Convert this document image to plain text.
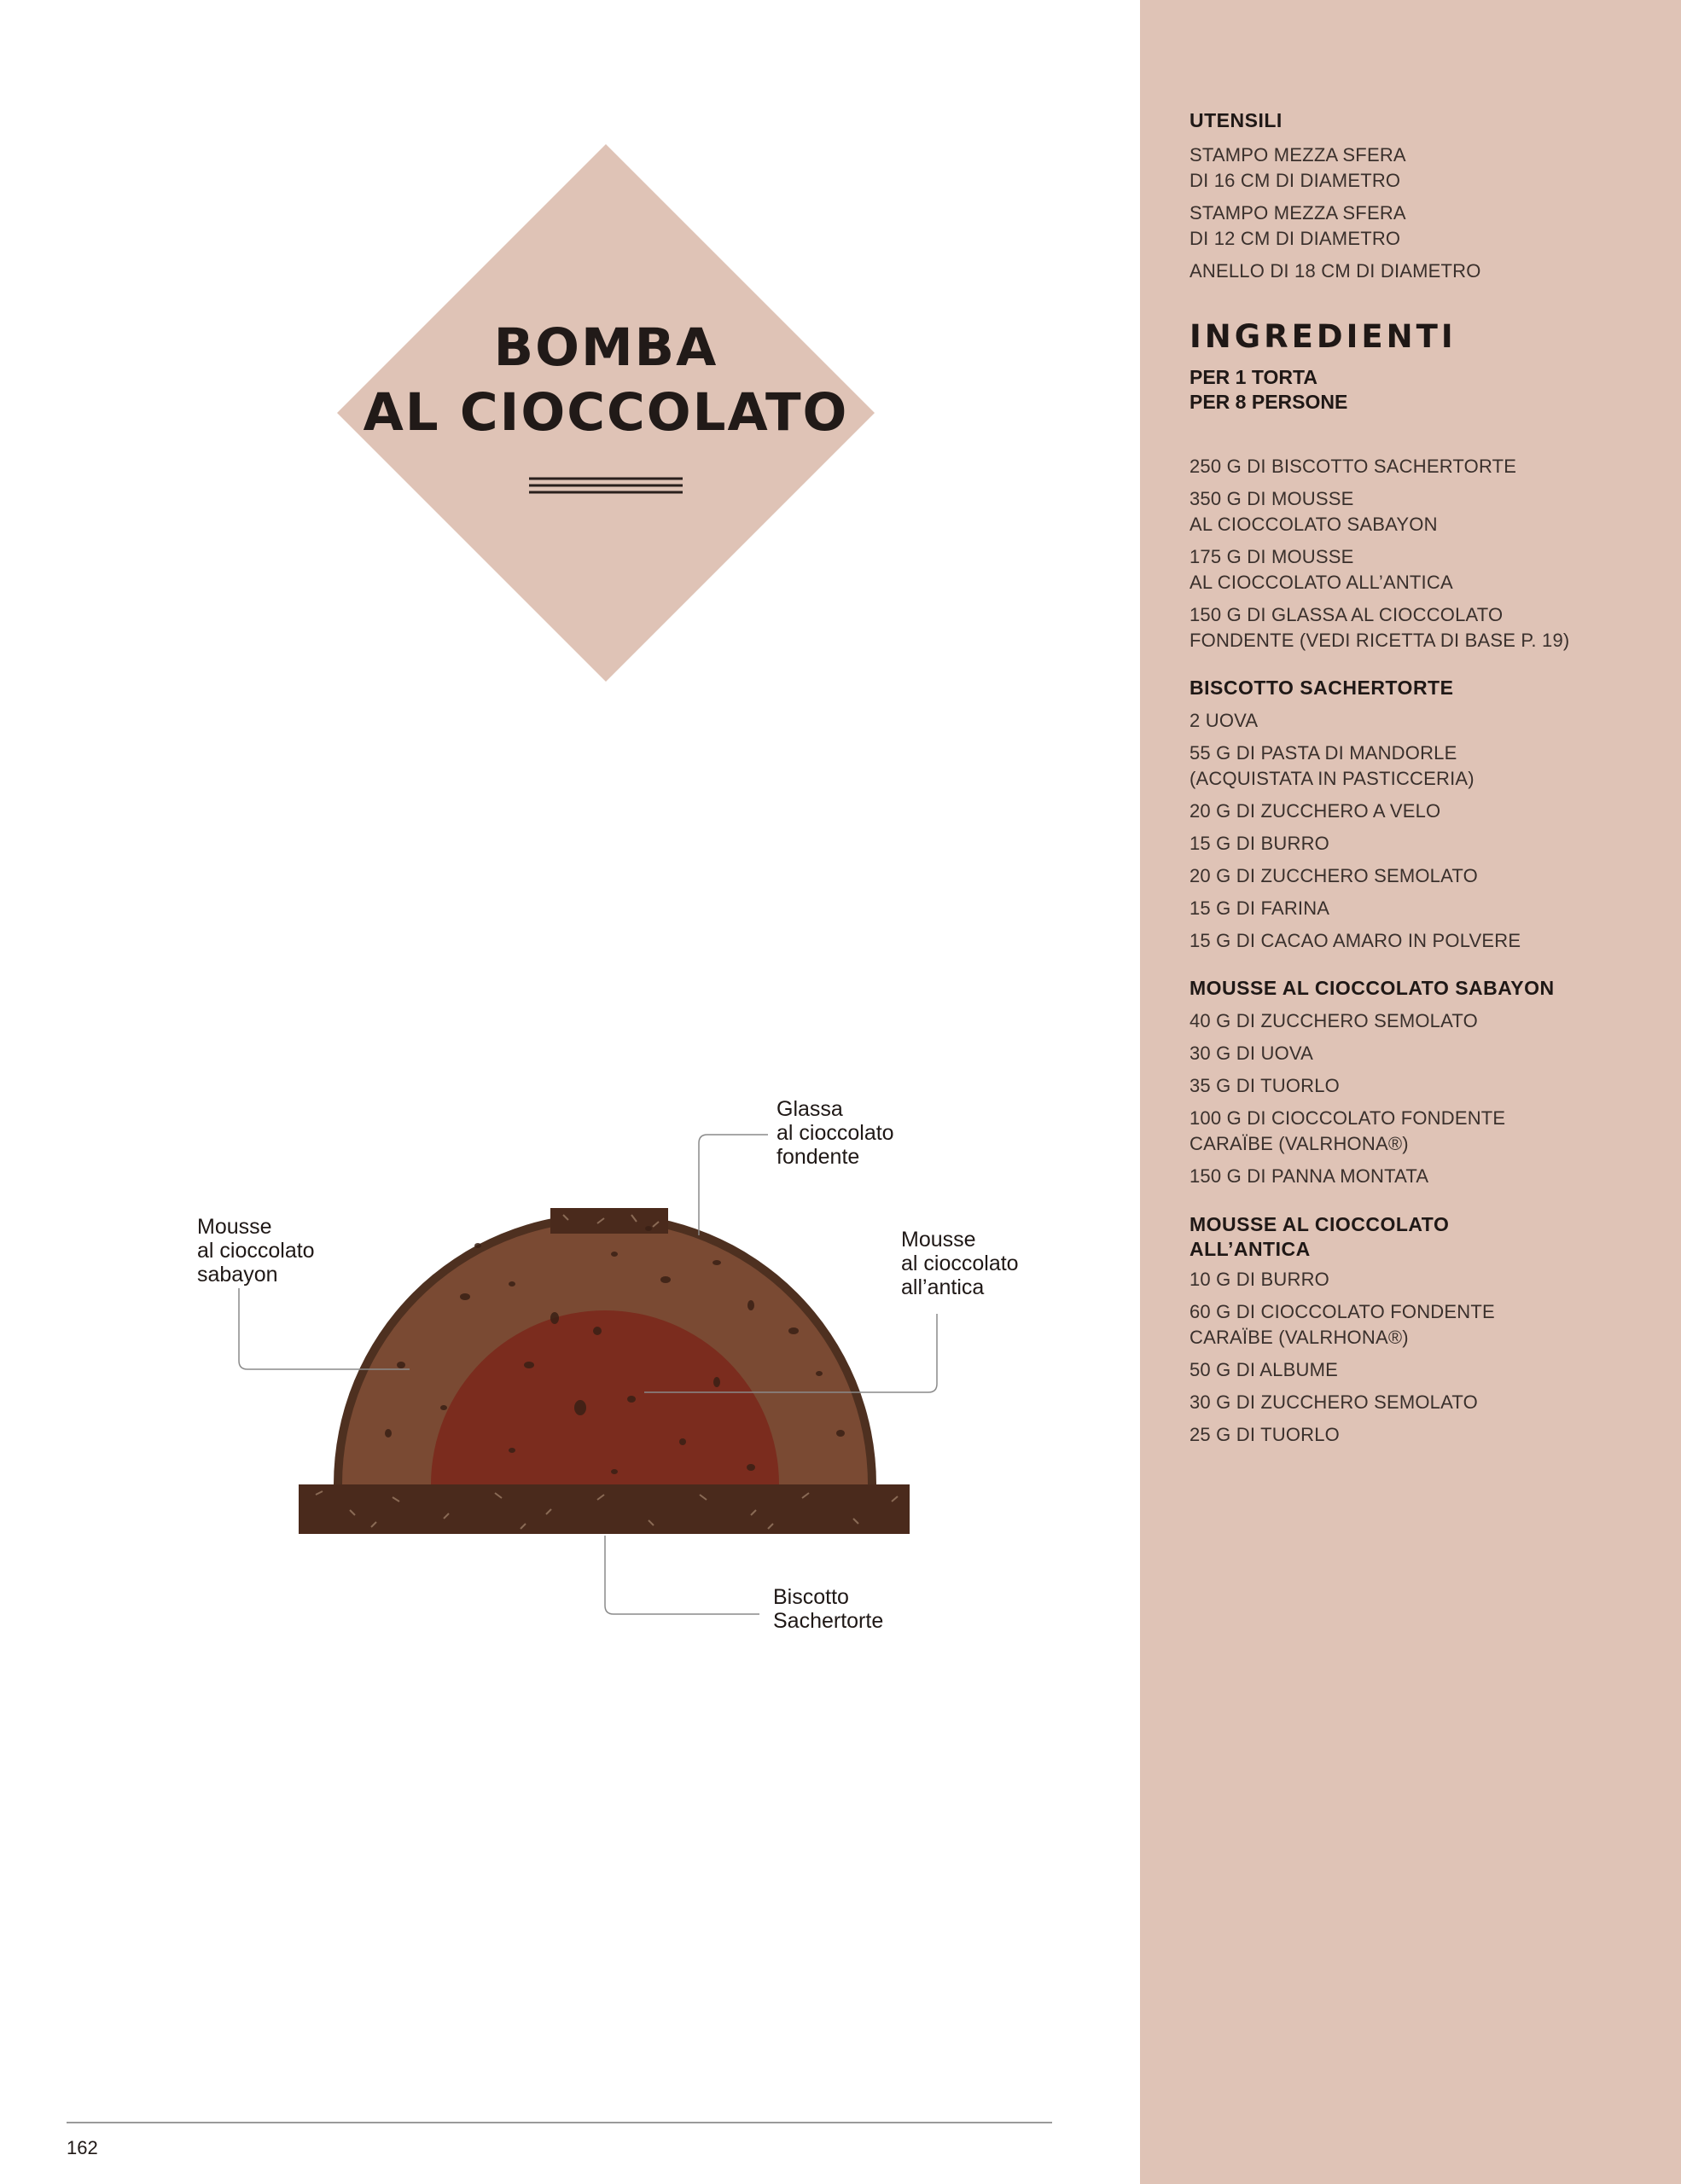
BOMBA
AL CIOCCOLATO
Glassa
al cioccolato
fondente
Mousse
al cioccolato
sabayon
Mousse
al cioccolato
all’antica
Biscotto
Sachertorte

UTENSILI

STAMPO MEZZA SFERA
DI 16 CM DI DIAMETRO

STAMPO MEZZA SFERA
DI 12 CM DI DIAMETRO

ANELLO DI 18 CM DI DIAMETRO

INGREDIENTI

PER 1 TORTA
PER 8 PERSONE

250 G DI BISCOTTO SACHERTORTE

350 G DI MOUSSE
AL CIOCCOLATO SABAYON

175 G DI MOUSSE
AL CIOCCOLATO ALL’ANTICA

150 G DI GLASSA AL CIOCCOLATO
FONDENTE (VEDI RICETTA DI BASE P. 19)

BISCOTTO SACHERTORTE

2 UOVA

55 G DI PASTA DI MANDORLE
(ACQUISTATA IN PASTICCERIA)

20 G DI ZUCCHERO A VELO

15 G DI BURRO

20 G DI ZUCCHERO SEMOLATO

15 G DI FARINA

15 G DI CACAO AMARO IN POLVERE

MOUSSE AL CIOCCOLATO SABAYON

40 G DI ZUCCHERO SEMOLATO

30 G DI UOVA

35 G DI TUORLO

100 G DI CIOCCOLATO FONDENTE
CARAÏBE (VALRHONA®)

150 G DI PANNA MONTATA

MOUSSE AL CIOCCOLATO
ALL’ANTICA

10 G DI BURRO

60 G DI CIOCCOLATO FONDENTE
CARAÏBE (VALRHONA®)

50 G DI ALBUME

30 G DI ZUCCHERO SEMOLATO

25 G DI TUORLO

162
